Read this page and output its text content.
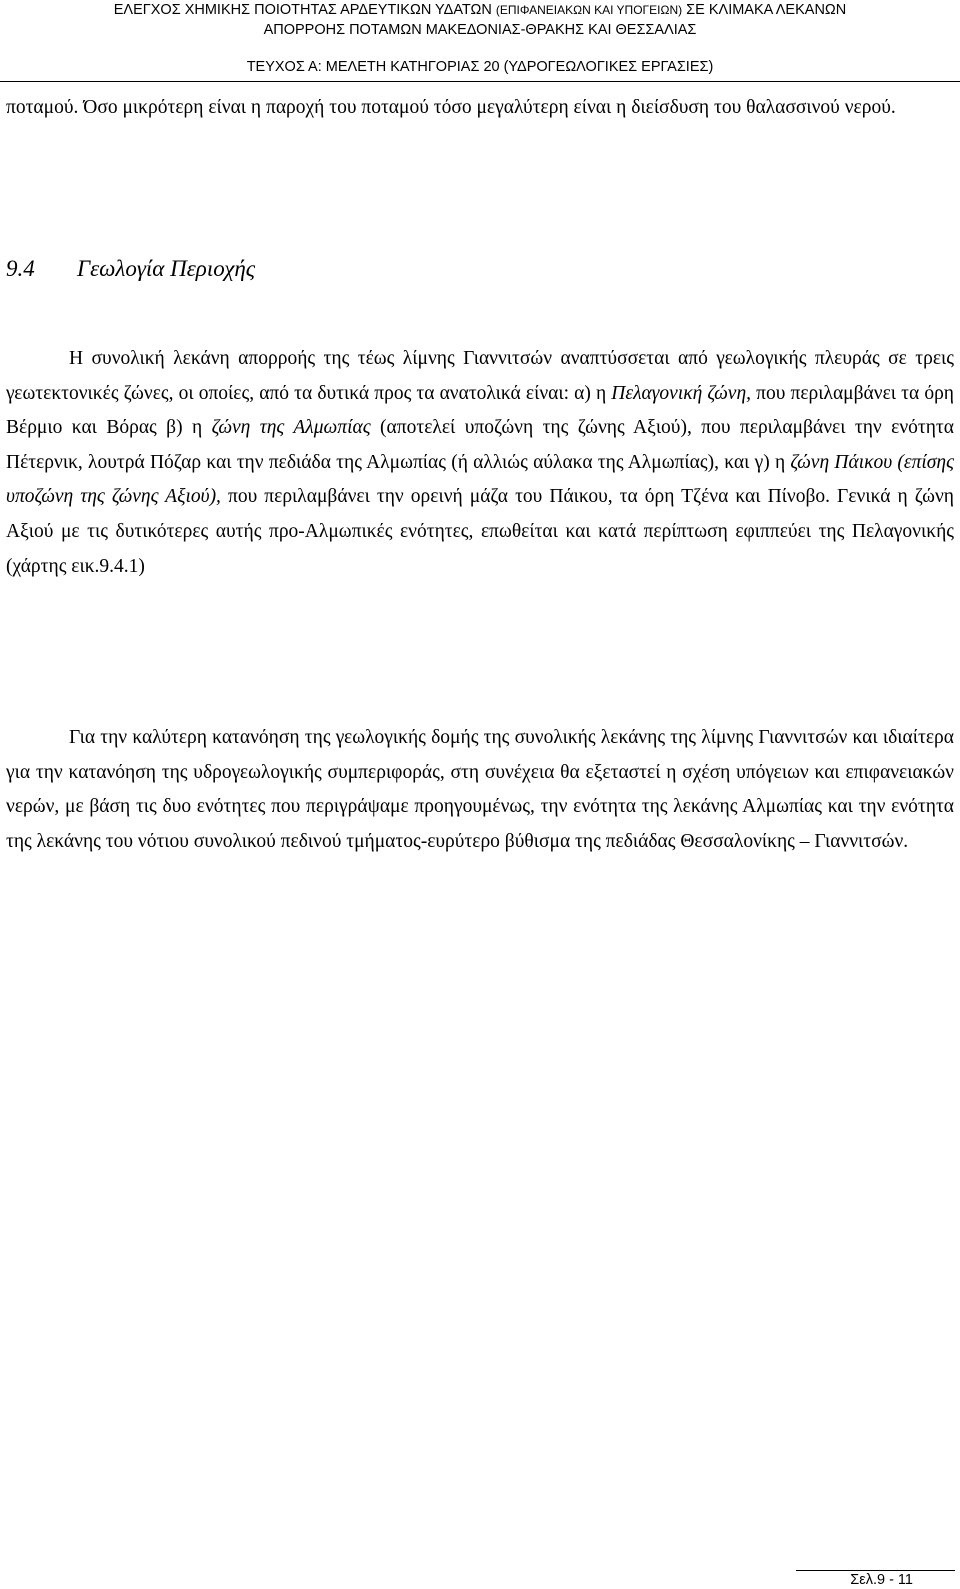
ΕΛΕΓΧΟΣ ΧΗΜΙΚΗΣ ΠΟΙΟΤΗΤΑΣ ΑΡΔΕΥΤΙΚΩΝ ΥΔΑΤΩΝ (ΕΠΙΦΑΝΕΙΑΚΩΝ ΚΑΙ ΥΠΟΓΕΙΩΝ) ΣΕ ΚΛΙΜΑΚΑ ΛΕΚΑΝΩΝ
ΑΠΟΡΡΟΗΣ ΠΟΤΑΜΩΝ ΜΑΚΕΔΟΝΙΑΣ-ΘΡΑΚΗΣ ΚΑΙ ΘΕΣΣΑΛΙΑΣ
ΤΕΥΧΟΣ Α: ΜΕΛΕΤΗ ΚΑΤΗΓΟΡΙΑΣ 20 (ΥΔΡΟΓΕΩΛΟΓΙΚΕΣ ΕΡΓΑΣΙΕΣ)

ποταμού. Όσο μικρότερη είναι η παροχή του ποταμού τόσο μεγαλύτερη είναι η διείσδυση του θαλασσινού νερού.

9.4 Γεωλογία Περιοχής

Η συνολική λεκάνη απορροής της τέως λίμνης Γιαννιτσών αναπτύσσεται από γεωλογικής πλευράς σε τρεις γεωτεκτονικές ζώνες, οι οποίες, από τα δυτικά προς τα ανατολικά είναι: α) η Πελαγονική ζώνη, που περιλαμβάνει τα όρη Βέρμιο και Βόρας β) η ζώνη της Αλμωπίας (αποτελεί υποζώνη της ζώνης Αξιού), που περιλαμβάνει την ενότητα Πέτερνικ, λουτρά Πόζαρ και την πεδιάδα της Αλμωπίας (ή αλλιώς αύλακα της Αλμωπίας), και γ) η ζώνη Πάικου (επίσης υποζώνη της ζώνης Αξιού), που περιλαμβάνει την ορεινή μάζα του Πάικου, τα όρη Τζένα και Πίνοβο. Γενικά η ζώνη Αξιού με τις δυτικότερες αυτής προ-Αλμωπικές ενότητες, επωθείται και κατά περίπτωση εφιππεύει της Πελαγονικής (χάρτης εικ.9.4.1)

Για την καλύτερη κατανόηση της γεωλογικής δομής της συνολικής λεκάνης της λίμνης Γιαννιτσών και ιδιαίτερα για την κατανόηση της υδρογεωλογικής συμπεριφοράς, στη συνέχεια θα εξεταστεί η σχέση υπόγειων και επιφανειακών νερών, με βάση τις δυο ενότητες που περιγράψαμε προηγουμένως, την ενότητα της λεκάνης Αλμωπίας και την ενότητα της λεκάνης του νότιου συνολικού πεδινού τμήματος-ευρύτερο βύθισμα της πεδιάδας Θεσσαλονίκης – Γιαννιτσών.

Σελ.9 - 11
